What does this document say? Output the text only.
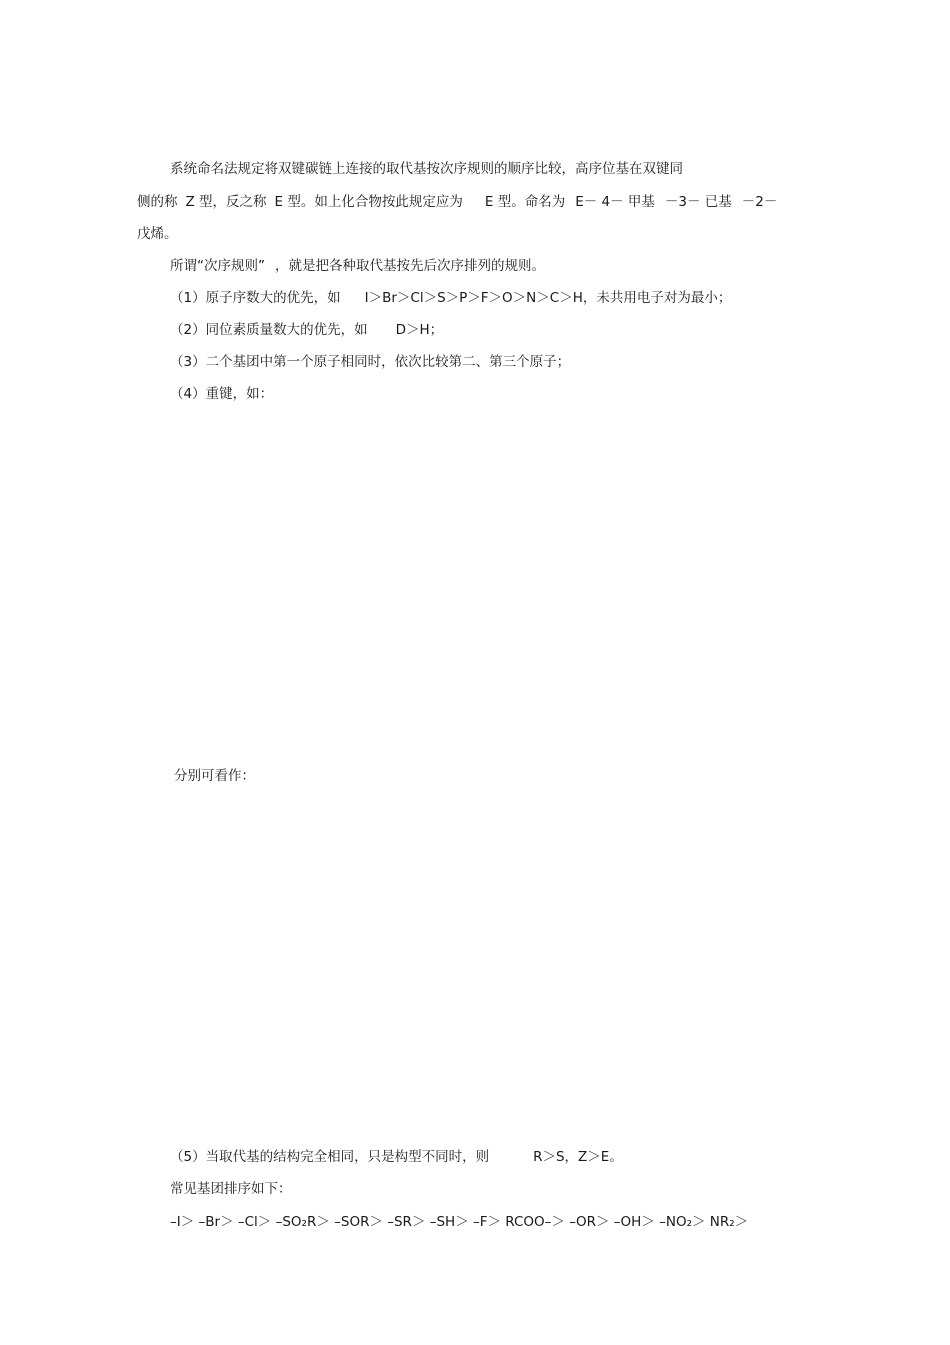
系统命名法规定将双键碳链上连接的取代基按次序规则的顺序比较，高序位基在双键同
侧的称 Z 型，反之称 E 型。如上化合物按此规定应为 E 型。命名为 E－ 4－ 甲基 －3－ 已基 －2－
戊烯。
所谓“次序规则” ，就是把各种取代基按先后次序排列的规则。
（1）原子序数大的优先，如 I＞Br＞Cl＞S＞P＞F＞O＞N＞C＞H，未共用电子对为最小；
（2）同位素质量数大的优先，如 D＞H；
（3）二个基团中第一个原子相同时，依次比较第二、第三个原子；
（4）重键，如：
分别可看作：
（5）当取代基的结构完全相同，只是构型不同时，则	R＞S，Z＞E。
常见基团排序如下：
–I＞ –Br＞ –Cl＞ –SO₂R＞ –SOR＞ –SR＞ –SH＞ –F＞ RCOO–＞ –OR＞ –OH＞ –NO₂＞ NR₂＞
